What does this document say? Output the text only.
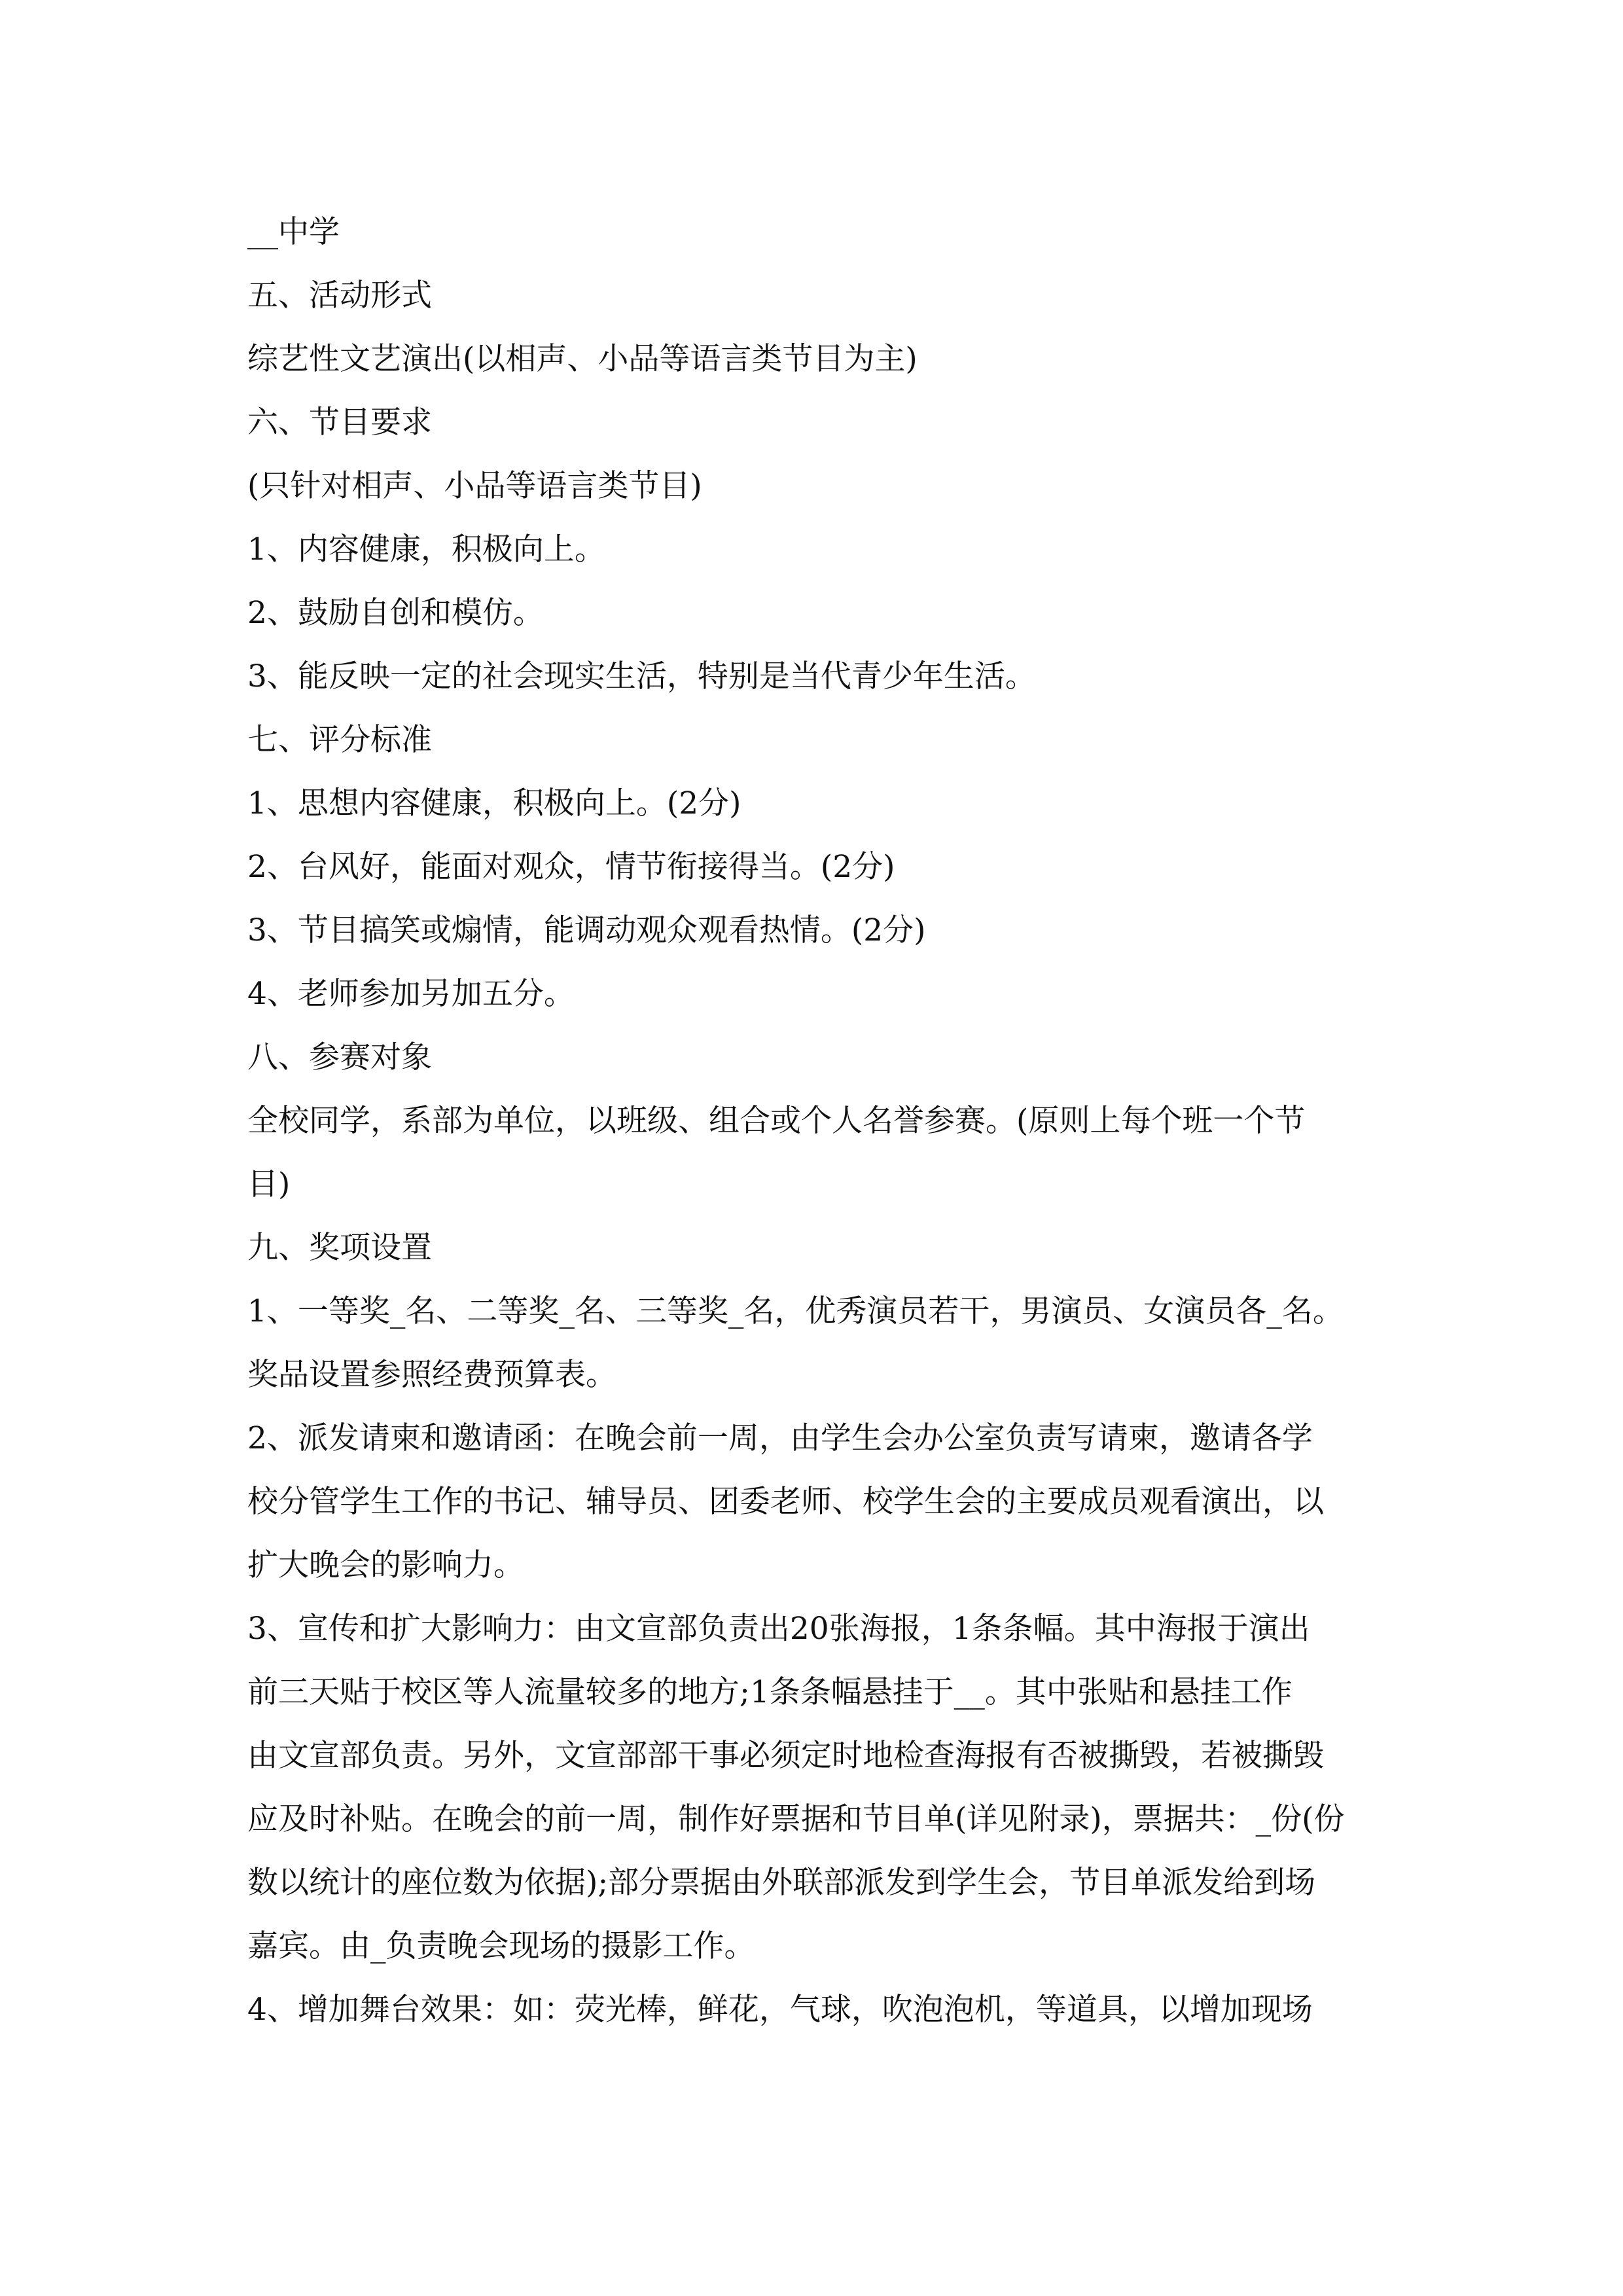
__中学
五、活动形式
综艺性文艺演出(以相声、小品等语言类节目为主)
六、节目要求
(只针对相声、小品等语言类节目)
1、内容健康，积极向上。
2、鼓励自创和模仿。
3、能反映一定的社会现实生活，特别是当代青少年生活。
七、评分标准
1、思想内容健康，积极向上。(2分)
2、台风好，能面对观众，情节衔接得当。(2分)
3、节目搞笑或煽情，能调动观众观看热情。(2分)
4、老师参加另加五分。
八、参赛对象
全校同学，系部为单位，以班级、组合或个人名誉参赛。(原则上每个班一个节
目)
九、奖项设置
1、一等奖_名、二等奖_名、三等奖_名，优秀演员若干，男演员、女演员各_名。
奖品设置参照经费预算表。
2、派发请柬和邀请函：在晚会前一周，由学生会办公室负责写请柬，邀请各学
校分管学生工作的书记、辅导员、团委老师、校学生会的主要成员观看演出，以
扩大晚会的影响力。
3、宣传和扩大影响力：由文宣部负责出20张海报，1条条幅。其中海报于演出
前三天贴于校区等人流量较多的地方;1条条幅悬挂于__。其中张贴和悬挂工作
由文宣部负责。另外，文宣部部干事必须定时地检查海报有否被撕毁，若被撕毁
应及时补贴。在晚会的前一周，制作好票据和节目单(详见附录)，票据共：_份(份
数以统计的座位数为依据);部分票据由外联部派发到学生会，节目单派发给到场
嘉宾。由_负责晚会现场的摄影工作。
4、增加舞台效果：如：荧光棒，鲜花，气球，吹泡泡机，等道具，以增加现场
